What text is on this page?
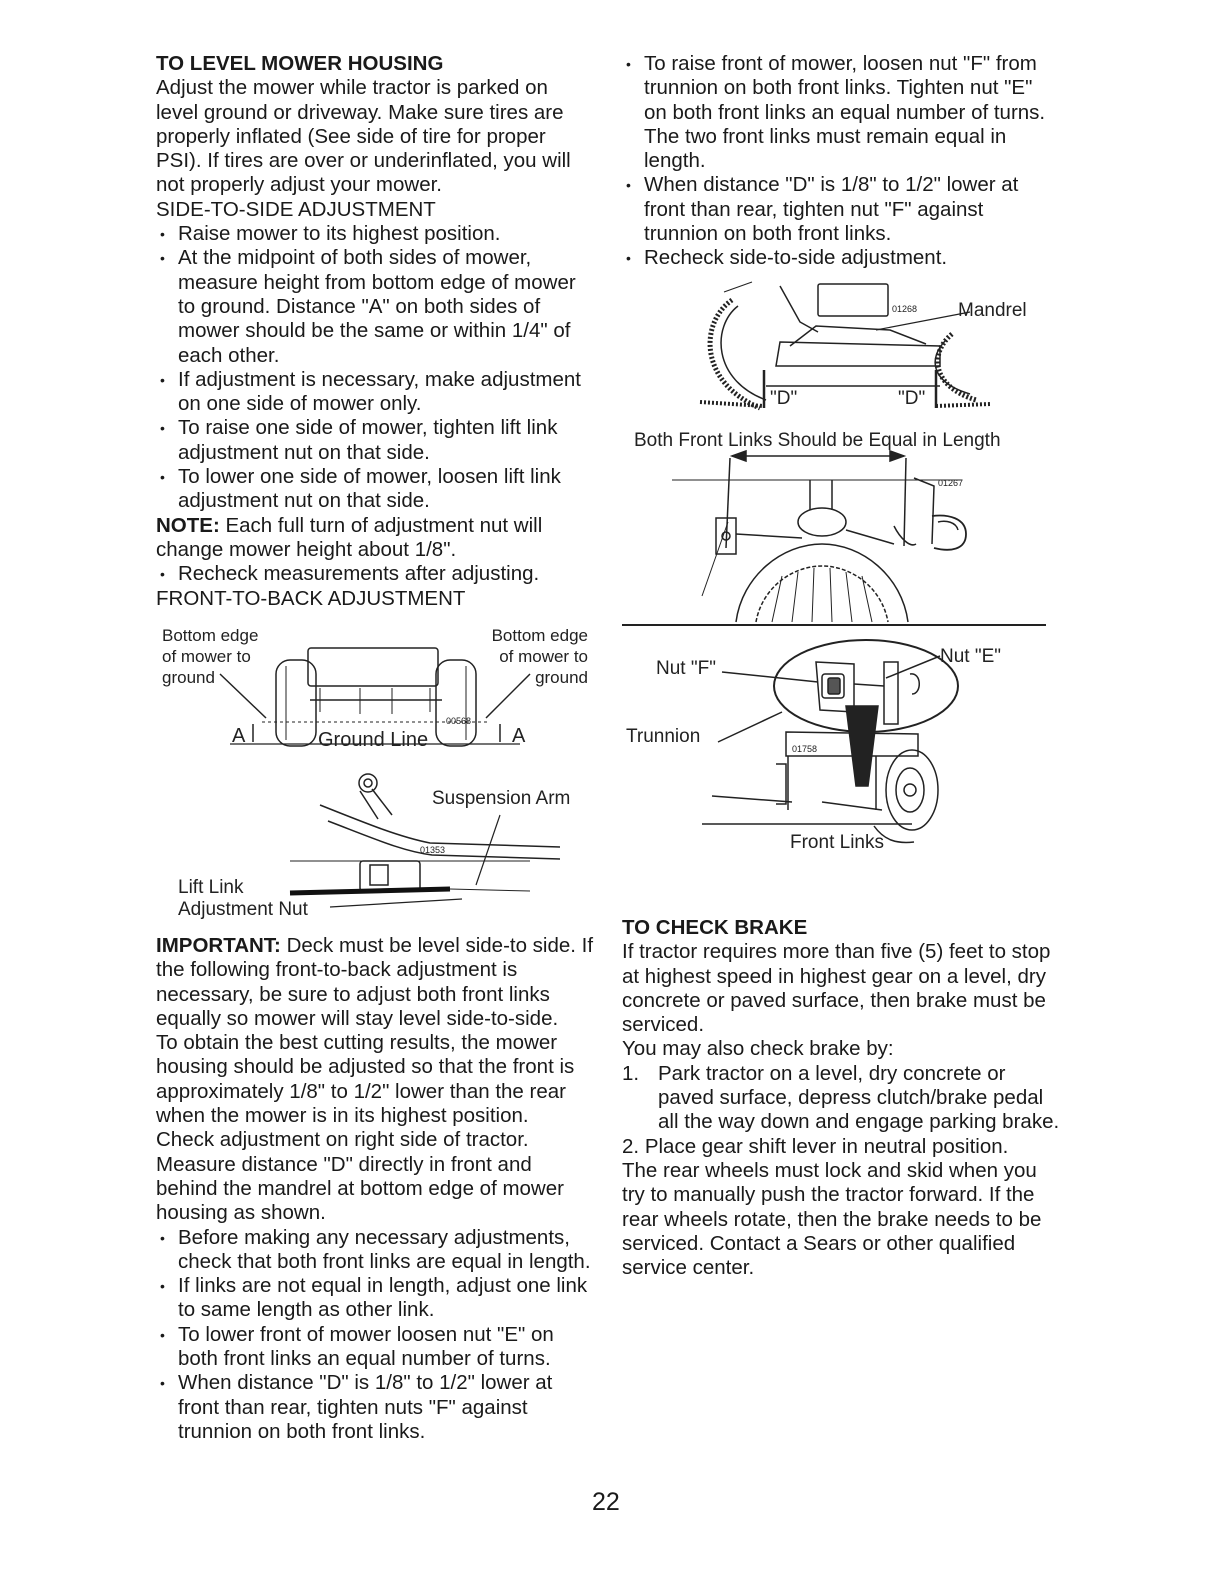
TO LEVEL MOWER HOUSING

Adjust the mower while tractor is parked on level ground or driveway. Make sure tires are properly inflated (See side of tire for proper PSI). If tires are over or underinflated, you will not properly adjust your mower.

SIDE-TO-SIDE ADJUSTMENT

• Raise mower to its highest position.
• At the midpoint of both sides of mower, measure height from bottom edge of mower to ground. Distance "A" on both sides of mower should be the same or within 1/4" of each other.
• If adjustment is necessary, make adjustment on one side of mower only.
• To raise one side of mower, tighten lift link adjustment nut on that side.
• To lower one side of mower, loosen lift link adjustment nut on that side.

NOTE: Each full turn of adjustment nut will change mower height about 1/8".

• Recheck measurements after adjusting.

FRONT-TO-BACK ADJUSTMENT

Bottom edge
of mower to
ground
Bottom edge
of mower to
ground
00568
A	A
Ground Line
01353
Suspension Arm
Lift Link
Adjustment Nut

IMPORTANT: Deck must be level side-to side. If the following front-to-back adjustment is necessary, be sure to adjust both front links equally so mower will stay level side-to-side.

To obtain the best cutting results, the mower housing should be adjusted so that the front is approximately 1/8" to 1/2" lower than the rear when the mower is in its highest position.

Check adjustment on right side of tractor. Measure distance "D" directly in front and behind the mandrel at bottom edge of mower housing as shown.

• Before making any necessary adjustments, check that both front links are equal in length.
• If links are not equal in length, adjust one link to same length as other link.
• To lower front of mower loosen nut "E" on both front links an equal number of turns.
• When distance "D" is 1/8" to 1/2" lower at front than rear, tighten nuts "F" against trunnion on both front links.
• To raise front of mower, loosen nut "F" from trunnion on both front links. Tighten nut "E" on both front links an equal number of turns. The two front links must remain equal in length.
• When distance "D" is 1/8" to 1/2" lower at front than rear, tighten nut "F" against trunnion on both front links.
• Recheck side-to-side adjustment.
01268 Mandrel
"D"	"D"
Both Front Links Should be Equal in Length
01267
01758
Nut "F"
Nut "E"
Trunnion
Front Links

TO CHECK BRAKE

If tractor requires more than five (5) feet to stop at highest speed in highest gear on a level, dry concrete or paved surface, then brake must be serviced.

You may also check brake by:

1. Park tractor on a level, dry concrete or paved surface, depress clutch/brake pedal all the way down and engage parking brake.
2. Place gear shift lever in neutral position.

The rear wheels must lock and skid when you try to manually push the tractor forward. If the rear wheels rotate, then the brake needs to be serviced. Contact a Sears or other qualified service center.

22
